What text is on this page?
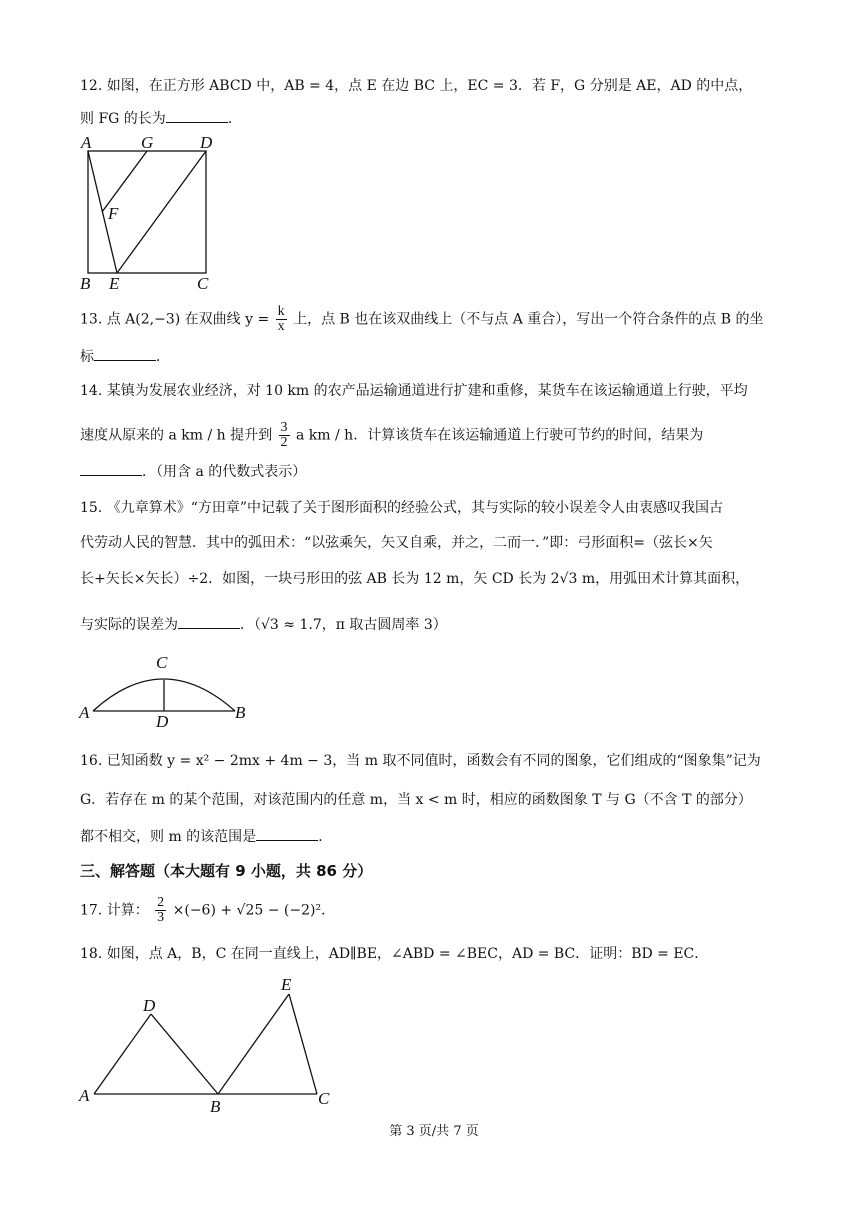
12. 如图，在正方形 ABCD 中，AB = 4，点 E 在边 BC 上，EC = 3．若 F，G 分别是 AE，AD 的中点，
则 FG 的长为	．
A	G	D
F
B E	C
13. 点 A(2,−3) 在双曲线 $y = \frac{k}{x}$ 上，点 B 也在该双曲线上（不与点 A 重合），写出一个符合条件的点 B 的坐
标	．
14. 某镇为发展农业经济，对 10 km 的农产品运输通道进行扩建和重修，某货车在该运输通道上行驶，平均
速度从原来的 a km / h 提升到 $\frac{3}{2}$ a km / h．计算该货车在该运输通道上行驶可节约的时间，结果为
．（用含 a 的代数式表示）
15. 《九章算术》“方田章”中记载了关于图形面积的经验公式，其与实际的较小误差令人由衷感叹我国古
代劳动人民的智慧．其中的弧田术：“以弦乘矢，矢又自乘，并之，二而一．”即：弓形面积=（弦长×矢
长+矢长×矢长）÷2．如图，一块弓形田的弦 AB 长为 12 m，矢 CD 长为 2√3 m，用弧田术计算其面积，
与实际的误差为	．（√3 ≈ 1.7，π 取古圆周率 3）
C
A	D	B
16. 已知函数 y = x² − 2mx + 4m − 3，当 m 取不同值时，函数会有不同的图象，它们组成的“图象集”记为
G．若存在 m 的某个范围，对该范围内的任意 m，当 x < m 时，相应的函数图象 T 与 G（不含 T 的部分）
都不相交，则 m 的该范围是	．
三、解答题（本大题有 9 小题，共 86 分）
17. 计算： $\frac{2}{3} \times(-6) + √25 - (-2)^2$．
18. 如图，点 A，B，C 在同一直线上，AD∥BE，∠ABD = ∠BEC，AD = BC．证明：BD = EC．
D
E
A
B	C
第 3 页/共 7 页
